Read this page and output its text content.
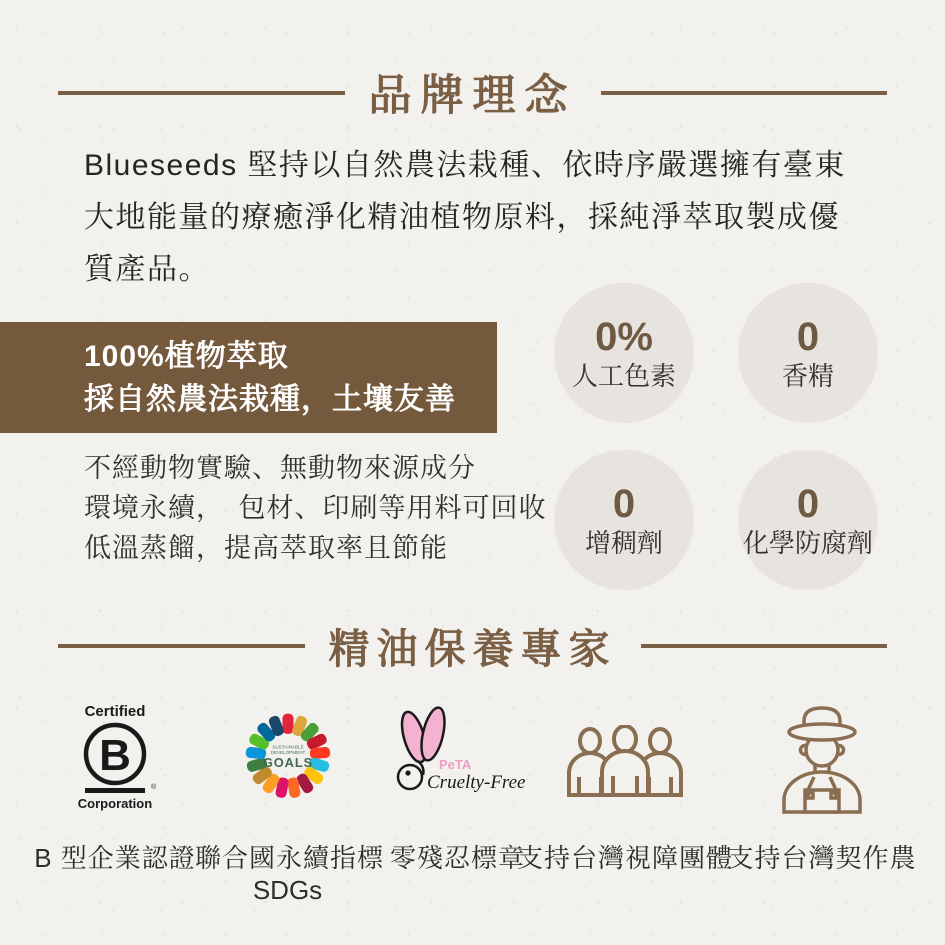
品牌理念

Blueseeds 堅持以自然農法栽種、依時序嚴選擁有臺東大地能量的療癒淨化精油植物原料，採純淨萃取製成優質產品。

100%植物萃取
採自然農法栽種，土壤友善
不經動物實驗、無動物來源成分
環境永續，　包材、印刷等用料可回收
低溫蒸餾，提高萃取率且節能
0%
人工色素
0
香精
0
增稠劑
0
化學防腐劑
精油保養專家
Certified
B
®
Corporation
B 型企業認證
SUSTAINABLE
DEVELOPMENT
GOALS
聯合國永續指標
SDGs
PeTA
Cruelty-Free
零殘忍標章
支持台灣視障團體
支持台灣契作農
